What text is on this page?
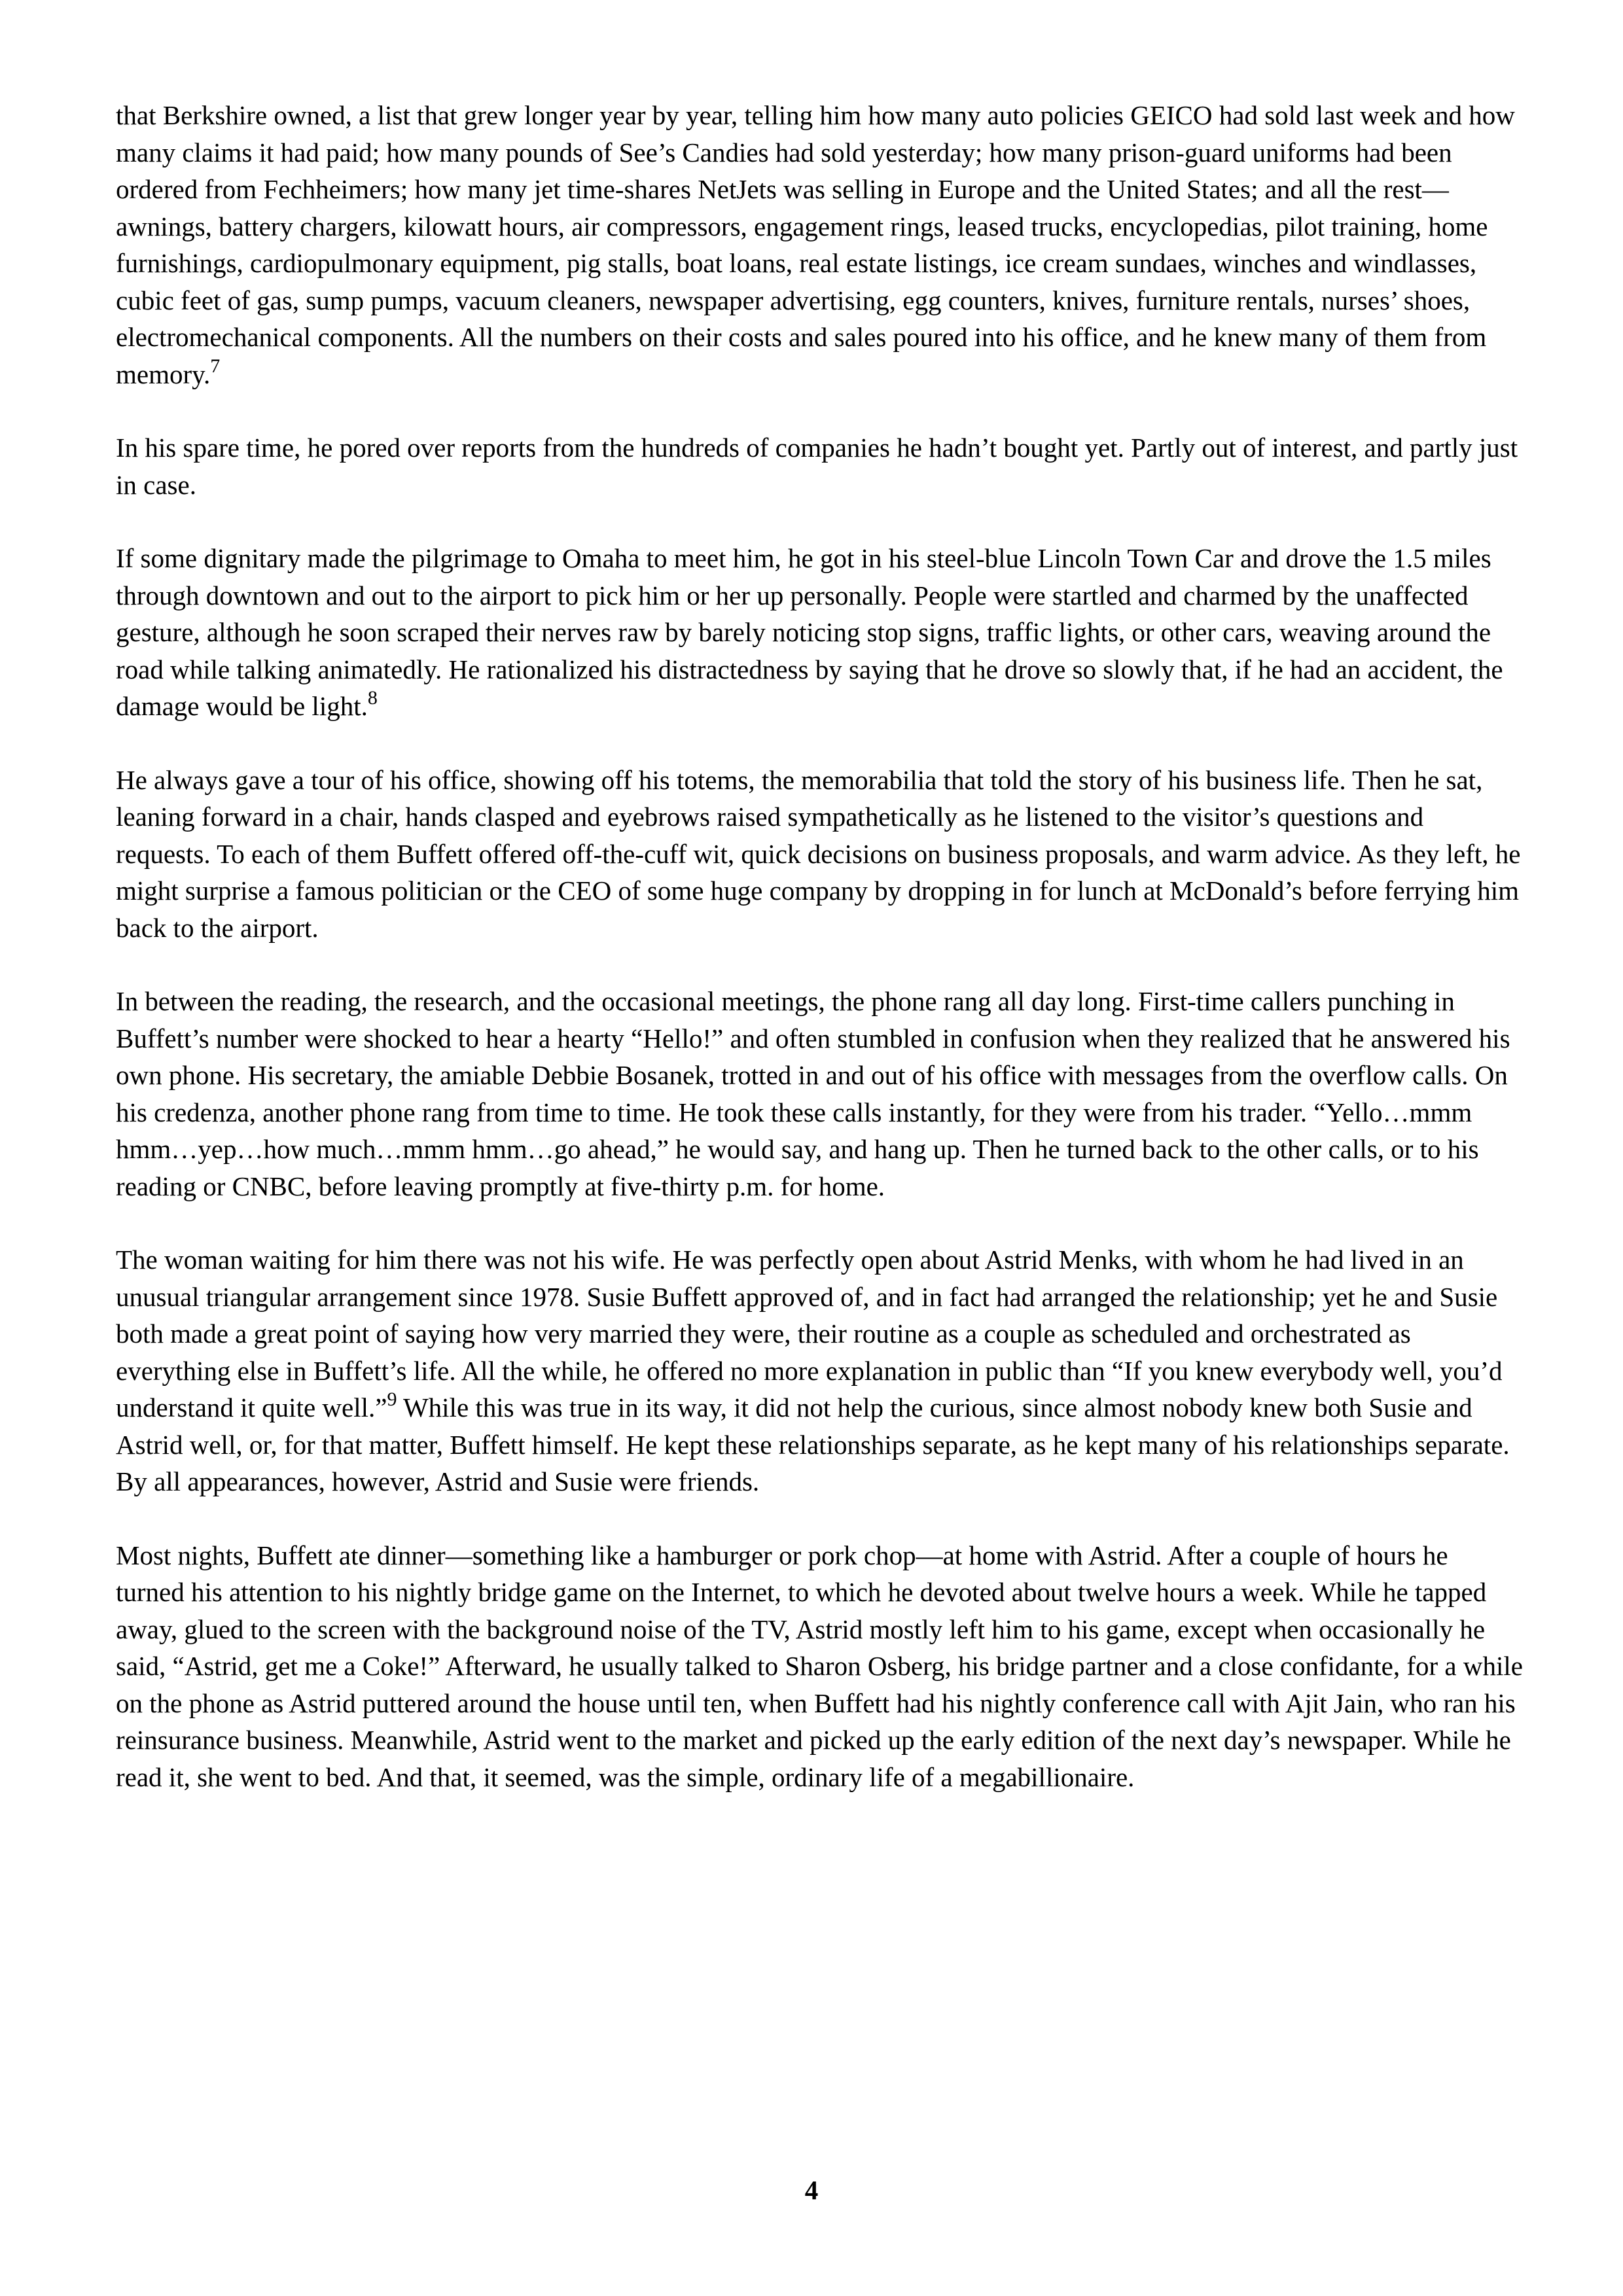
that Berkshire owned, a list that grew longer year by year, telling him how many auto policies GEICO had sold last week and how many claims it had paid; how many pounds of See’s Candies had sold yesterday; how many prison-guard uniforms had been ordered from Fechheimers; how many jet time-shares NetJets was selling in Europe and the United States; and all the rest—awnings, battery chargers, kilowatt hours, air compressors, engagement rings, leased trucks, encyclopedias, pilot training, home furnishings, cardiopulmonary equipment, pig stalls, boat loans, real estate listings, ice cream sundaes, winches and windlasses, cubic feet of gas, sump pumps, vacuum cleaners, newspaper advertising, egg counters, knives, furniture rentals, nurses’ shoes, electromechanical components. All the numbers on their costs and sales poured into his office, and he knew many of them from memory.$^7$

In his spare time, he pored over reports from the hundreds of companies he hadn’t bought yet. Partly out of interest, and partly just in case.

If some dignitary made the pilgrimage to Omaha to meet him, he got in his steel-blue Lincoln Town Car and drove the 1.5 miles through downtown and out to the airport to pick him or her up personally. People were startled and charmed by the unaffected gesture, although he soon scraped their nerves raw by barely noticing stop signs, traffic lights, or other cars, weaving around the road while talking animatedly. He rationalized his distractedness by saying that he drove so slowly that, if he had an accident, the damage would be light.$^8$

He always gave a tour of his office, showing off his totems, the memorabilia that told the story of his business life. Then he sat, leaning forward in a chair, hands clasped and eyebrows raised sympathetically as he listened to the visitor’s questions and requests. To each of them Buffett offered off-the-cuff wit, quick decisions on business proposals, and warm advice. As they left, he might surprise a famous politician or the CEO of some huge company by dropping in for lunch at McDonald’s before ferrying him back to the airport.

In between the reading, the research, and the occasional meetings, the phone rang all day long. First-time callers punching in Buffett’s number were shocked to hear a hearty “Hello!” and often stumbled in confusion when they realized that he answered his own phone. His secretary, the amiable Debbie Bosanek, trotted in and out of his office with messages from the overflow calls. On his credenza, another phone rang from time to time. He took these calls instantly, for they were from his trader. “Yello…mmm hmm…yep…how much…mmm hmm…go ahead,” he would say, and hang up. Then he turned back to the other calls, or to his reading or CNBC, before leaving promptly at five-thirty p.m. for home.

The woman waiting for him there was not his wife. He was perfectly open about Astrid Menks, with whom he had lived in an unusual triangular arrangement since 1978. Susie Buffett approved of, and in fact had arranged the relationship; yet he and Susie both made a great point of saying how very married they were, their routine as a couple as scheduled and orchestrated as everything else in Buffett’s life. All the while, he offered no more explanation in public than “If you knew everybody well, you’d understand it quite well.”$^9$ While this was true in its way, it did not help the curious, since almost nobody knew both Susie and Astrid well, or, for that matter, Buffett himself. He kept these relationships separate, as he kept many of his relationships separate. By all appearances, however, Astrid and Susie were friends.

Most nights, Buffett ate dinner—something like a hamburger or pork chop—at home with Astrid. After a couple of hours he turned his attention to his nightly bridge game on the Internet, to which he devoted about twelve hours a week. While he tapped away, glued to the screen with the background noise of the TV, Astrid mostly left him to his game, except when occasionally he said, “Astrid, get me a Coke!” Afterward, he usually talked to Sharon Osberg, his bridge partner and a close confidante, for a while on the phone as Astrid puttered around the house until ten, when Buffett had his nightly conference call with Ajit Jain, who ran his reinsurance business. Meanwhile, Astrid went to the market and picked up the early edition of the next day’s newspaper. While he read it, she went to bed. And that, it seemed, was the simple, ordinary life of a megabillionaire.

4
